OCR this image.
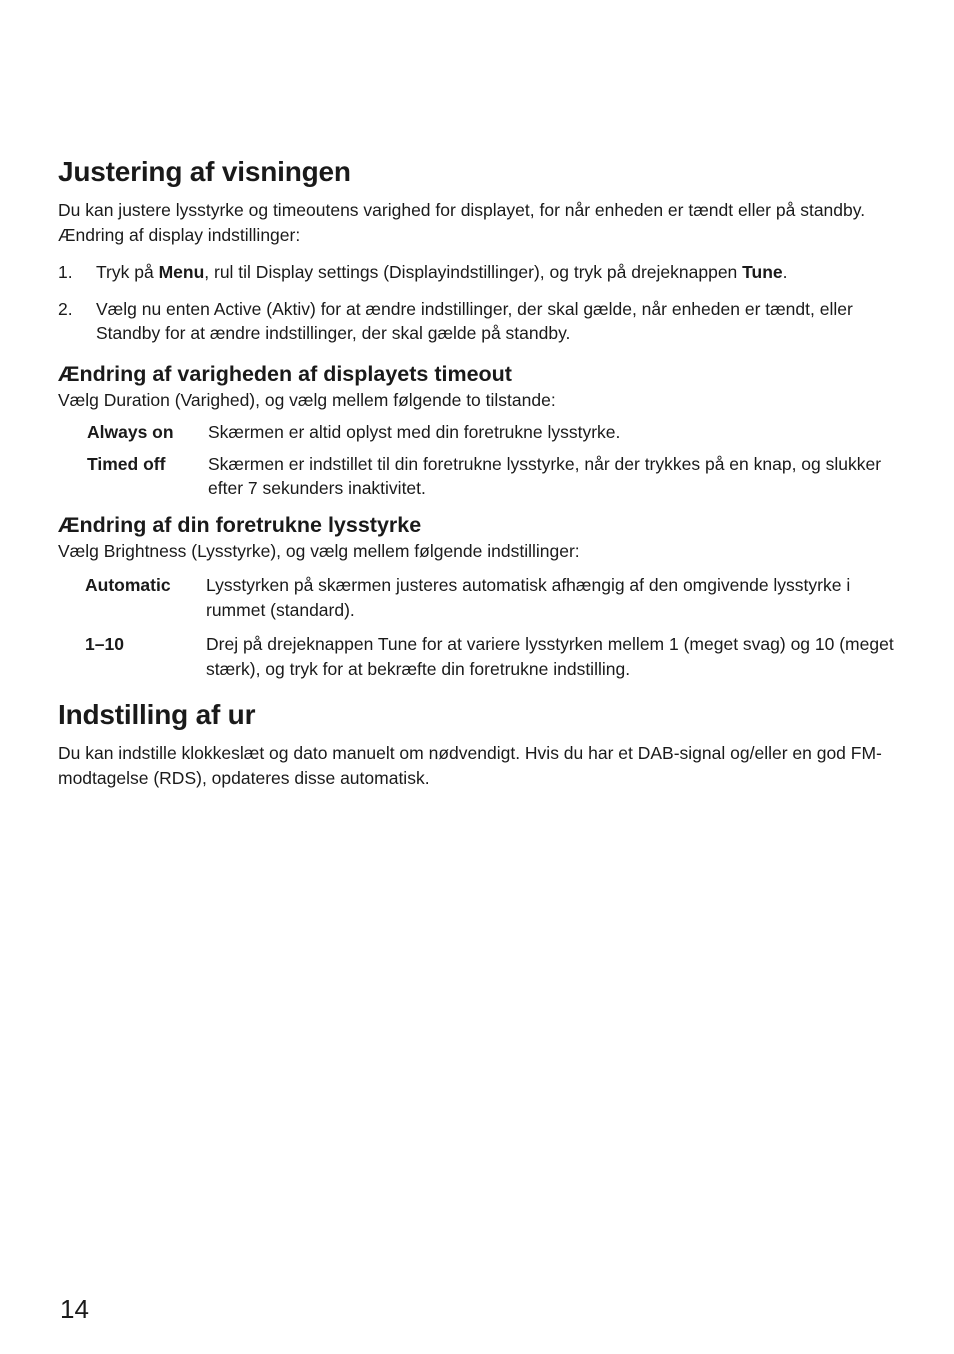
Justering af visningen

Du kan justere lysstyrke og timeoutens varighed for displayet, for når enheden er tændt eller på standby. Ændring af display indstillinger:

1.	Tryk på Menu, rul til Display settings (Displayindstillinger), og tryk på drejeknappen Tune.
2.	Vælg nu enten Active (Aktiv) for at ændre indstillinger, der skal gælde, når enheden er tændt, eller Standby for at ændre indstillinger, der skal gælde på standby.
Ændring af varigheden af displayets timeout

Vælg Duration (Varighed), og vælg mellem følgende to tilstande:

Always on	Skærmen er altid oplyst med din foretrukne lysstyrke.
Timed off	Skærmen er indstillet til din foretrukne lysstyrke, når der trykkes på en knap, og slukker efter 7 sekunders inaktivitet.
Ændring af din foretrukne lysstyrke

Vælg Brightness (Lysstyrke), og vælg mellem følgende indstillinger:

Automatic	Lysstyrken på skærmen justeres automatisk afhængig af den omgivende lysstyrke i rummet (standard).
1–10	Drej på drejeknappen Tune for at variere lysstyrken mellem 1 (meget svag) og 10 (meget stærk), og tryk for at bekræfte din foretrukne indstilling.
Indstilling af ur

Du kan indstille klokkeslæt og dato manuelt om nødvendigt. Hvis du har et DAB-signal og/eller en god FM-modtagelse (RDS), opdateres disse automatisk.

14
